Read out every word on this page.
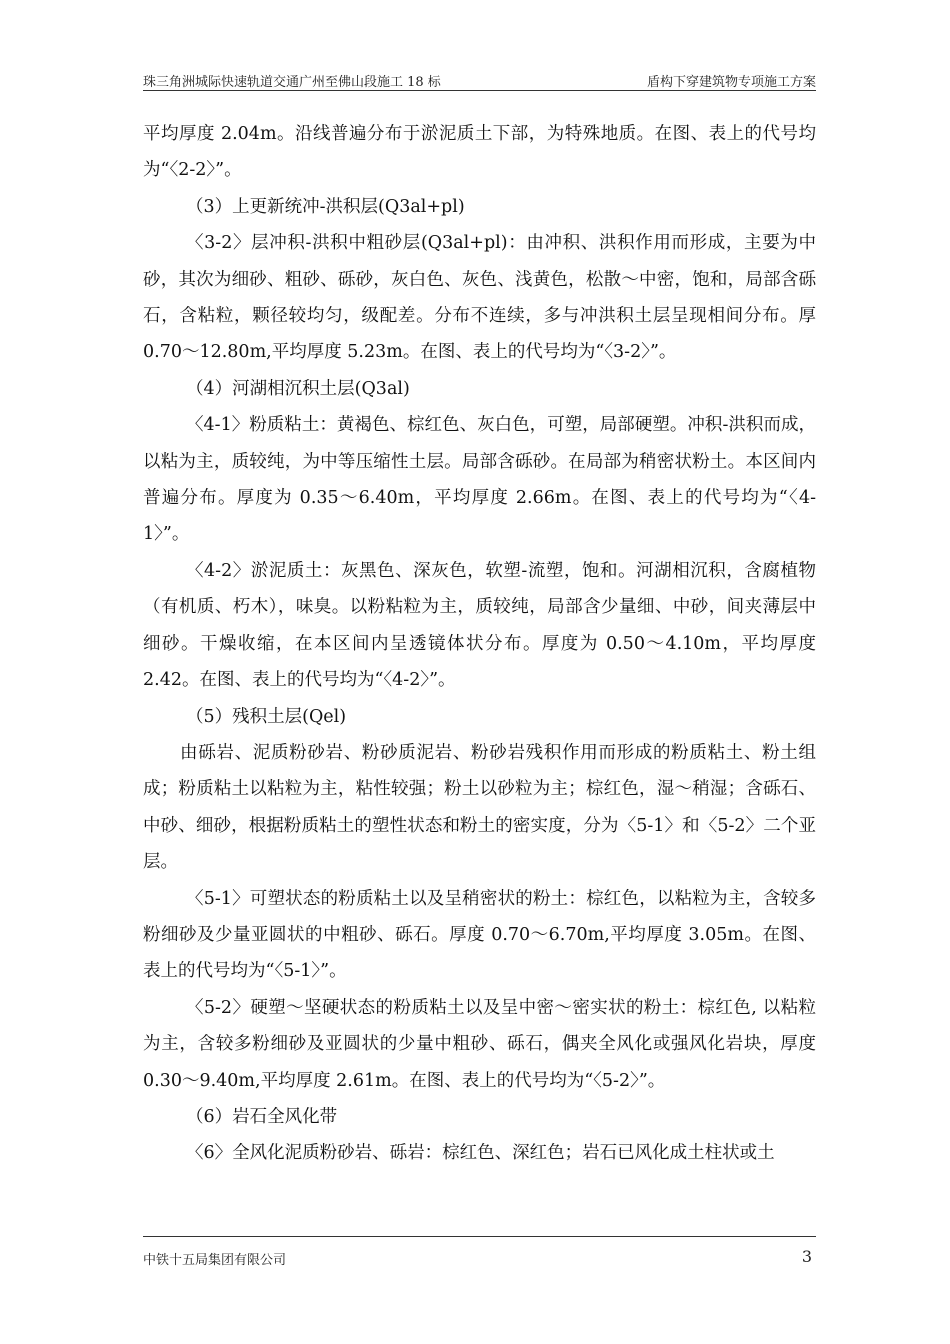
珠三角洲城际快速轨道交通广州至佛山段施工 18 标	盾构下穿建筑物专项施工方案

平均厚度 2.04m。沿线普遍分布于淤泥质土下部，为特殊地质。在图、表上的代号均为“〈2-2〉”。

（3）上更新统冲-洪积层(Q3al+pl)

〈3-2〉层冲积-洪积中粗砂层(Q3al+pl)：由冲积、洪积作用而形成，主要为中砂，其次为细砂、粗砂、砾砂，灰白色、灰色、浅黄色，松散～中密，饱和，局部含砾石，含粘粒，颗径较均匀，级配差。分布不连续，多与冲洪积土层呈现相间分布。厚 0.70～12.80m,平均厚度 5.23m。在图、表上的代号均为“〈3-2〉”。

（4）河湖相沉积土层(Q3al)

〈4-1〉粉质粘土：黄褐色、棕红色、灰白色，可塑，局部硬塑。冲积-洪积而成，以粘为主，质较纯，为中等压缩性土层。局部含砾砂。在局部为稍密状粉土。本区间内普遍分布。厚度为 0.35～6.40m，平均厚度 2.66m。在图、表上的代号均为“〈4-1〉”。

〈4-2〉淤泥质土：灰黑色、深灰色，软塑-流塑，饱和。河湖相沉积，含腐植物（有机质、朽木），味臭。以粉粘粒为主，质较纯，局部含少量细、中砂，间夹薄层中细砂。干燥收缩，在本区间内呈透镜体状分布。厚度为 0.50～4.10m，平均厚度 2.42。在图、表上的代号均为“〈4-2〉”。

（5）残积土层(Qel)

由砾岩、泥质粉砂岩、粉砂质泥岩、粉砂岩残积作用而形成的粉质粘土、粉土组成；粉质粘土以粘粒为主，粘性较强；粉土以砂粒为主；棕红色，湿～稍湿；含砾石、中砂、细砂，根据粉质粘土的塑性状态和粉土的密实度，分为〈5-1〉和〈5-2〉二个亚层。

〈5-1〉可塑状态的粉质粘土以及呈稍密状的粉土：棕红色，以粘粒为主，含较多粉细砂及少量亚圆状的中粗砂、砾石。厚度 0.70～6.70m,平均厚度 3.05m。在图、表上的代号均为“〈5-1〉”。

〈5-2〉硬塑～坚硬状态的粉质粘土以及呈中密～密实状的粉土：棕红色, 以粘粒为主，含较多粉细砂及亚圆状的少量中粗砂、砾石，偶夹全风化或强风化岩块，厚度 0.30～9.40m,平均厚度 2.61m。在图、表上的代号均为“〈5-2〉”。

（6）岩石全风化带

〈6〉全风化泥质粉砂岩、砾岩：棕红色、深红色；岩石已风化成土柱状或土

中铁十五局集团有限公司	3
